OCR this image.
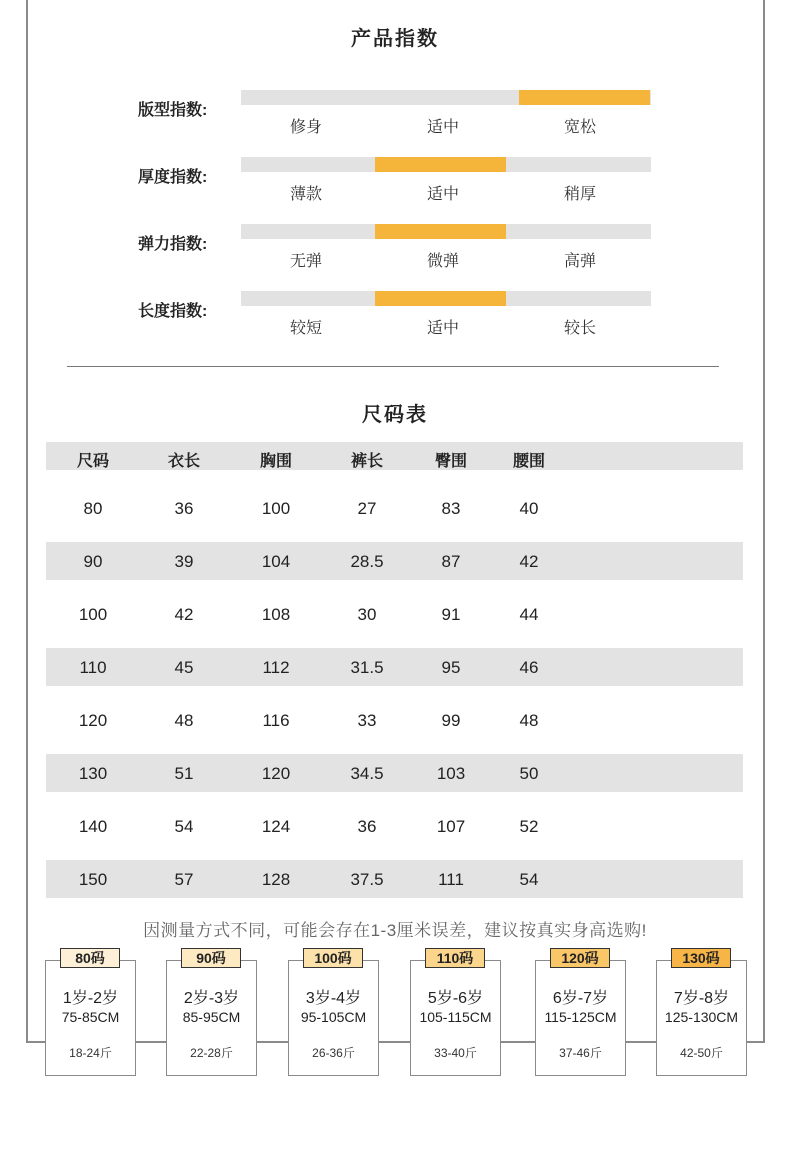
产品指数
版型指数:
修身	适中	宽松
厚度指数:
薄款	适中	稍厚
弹力指数:
无弹	微弹	高弹
长度指数:
较短	适中	较长
尺码表
尺码	衣长	胸围	裤长	臀围	腰围
80	36	100	27	83	40
90	39	104	28.5	87	42
100	42	108	30	91	44
110	45	112	31.5	95	46
120	48	116	33	99	48
130	51	120	34.5	103	50
140	54	124	36	107	52
150	57	128	37.5	111	54
因测量方式不同，可能会存在1-3厘米误差，建议按真实身高选购!
80码
1岁-2岁
75-85CM
18-24斤
90码
2岁-3岁
85-95CM
22-28斤
100码
3岁-4岁
95-105CM
26-36斤
110码
5岁-6岁
105-115CM
33-40斤
120码
6岁-7岁
115-125CM
37-46斤
130码
7岁-8岁
125-130CM
42-50斤
